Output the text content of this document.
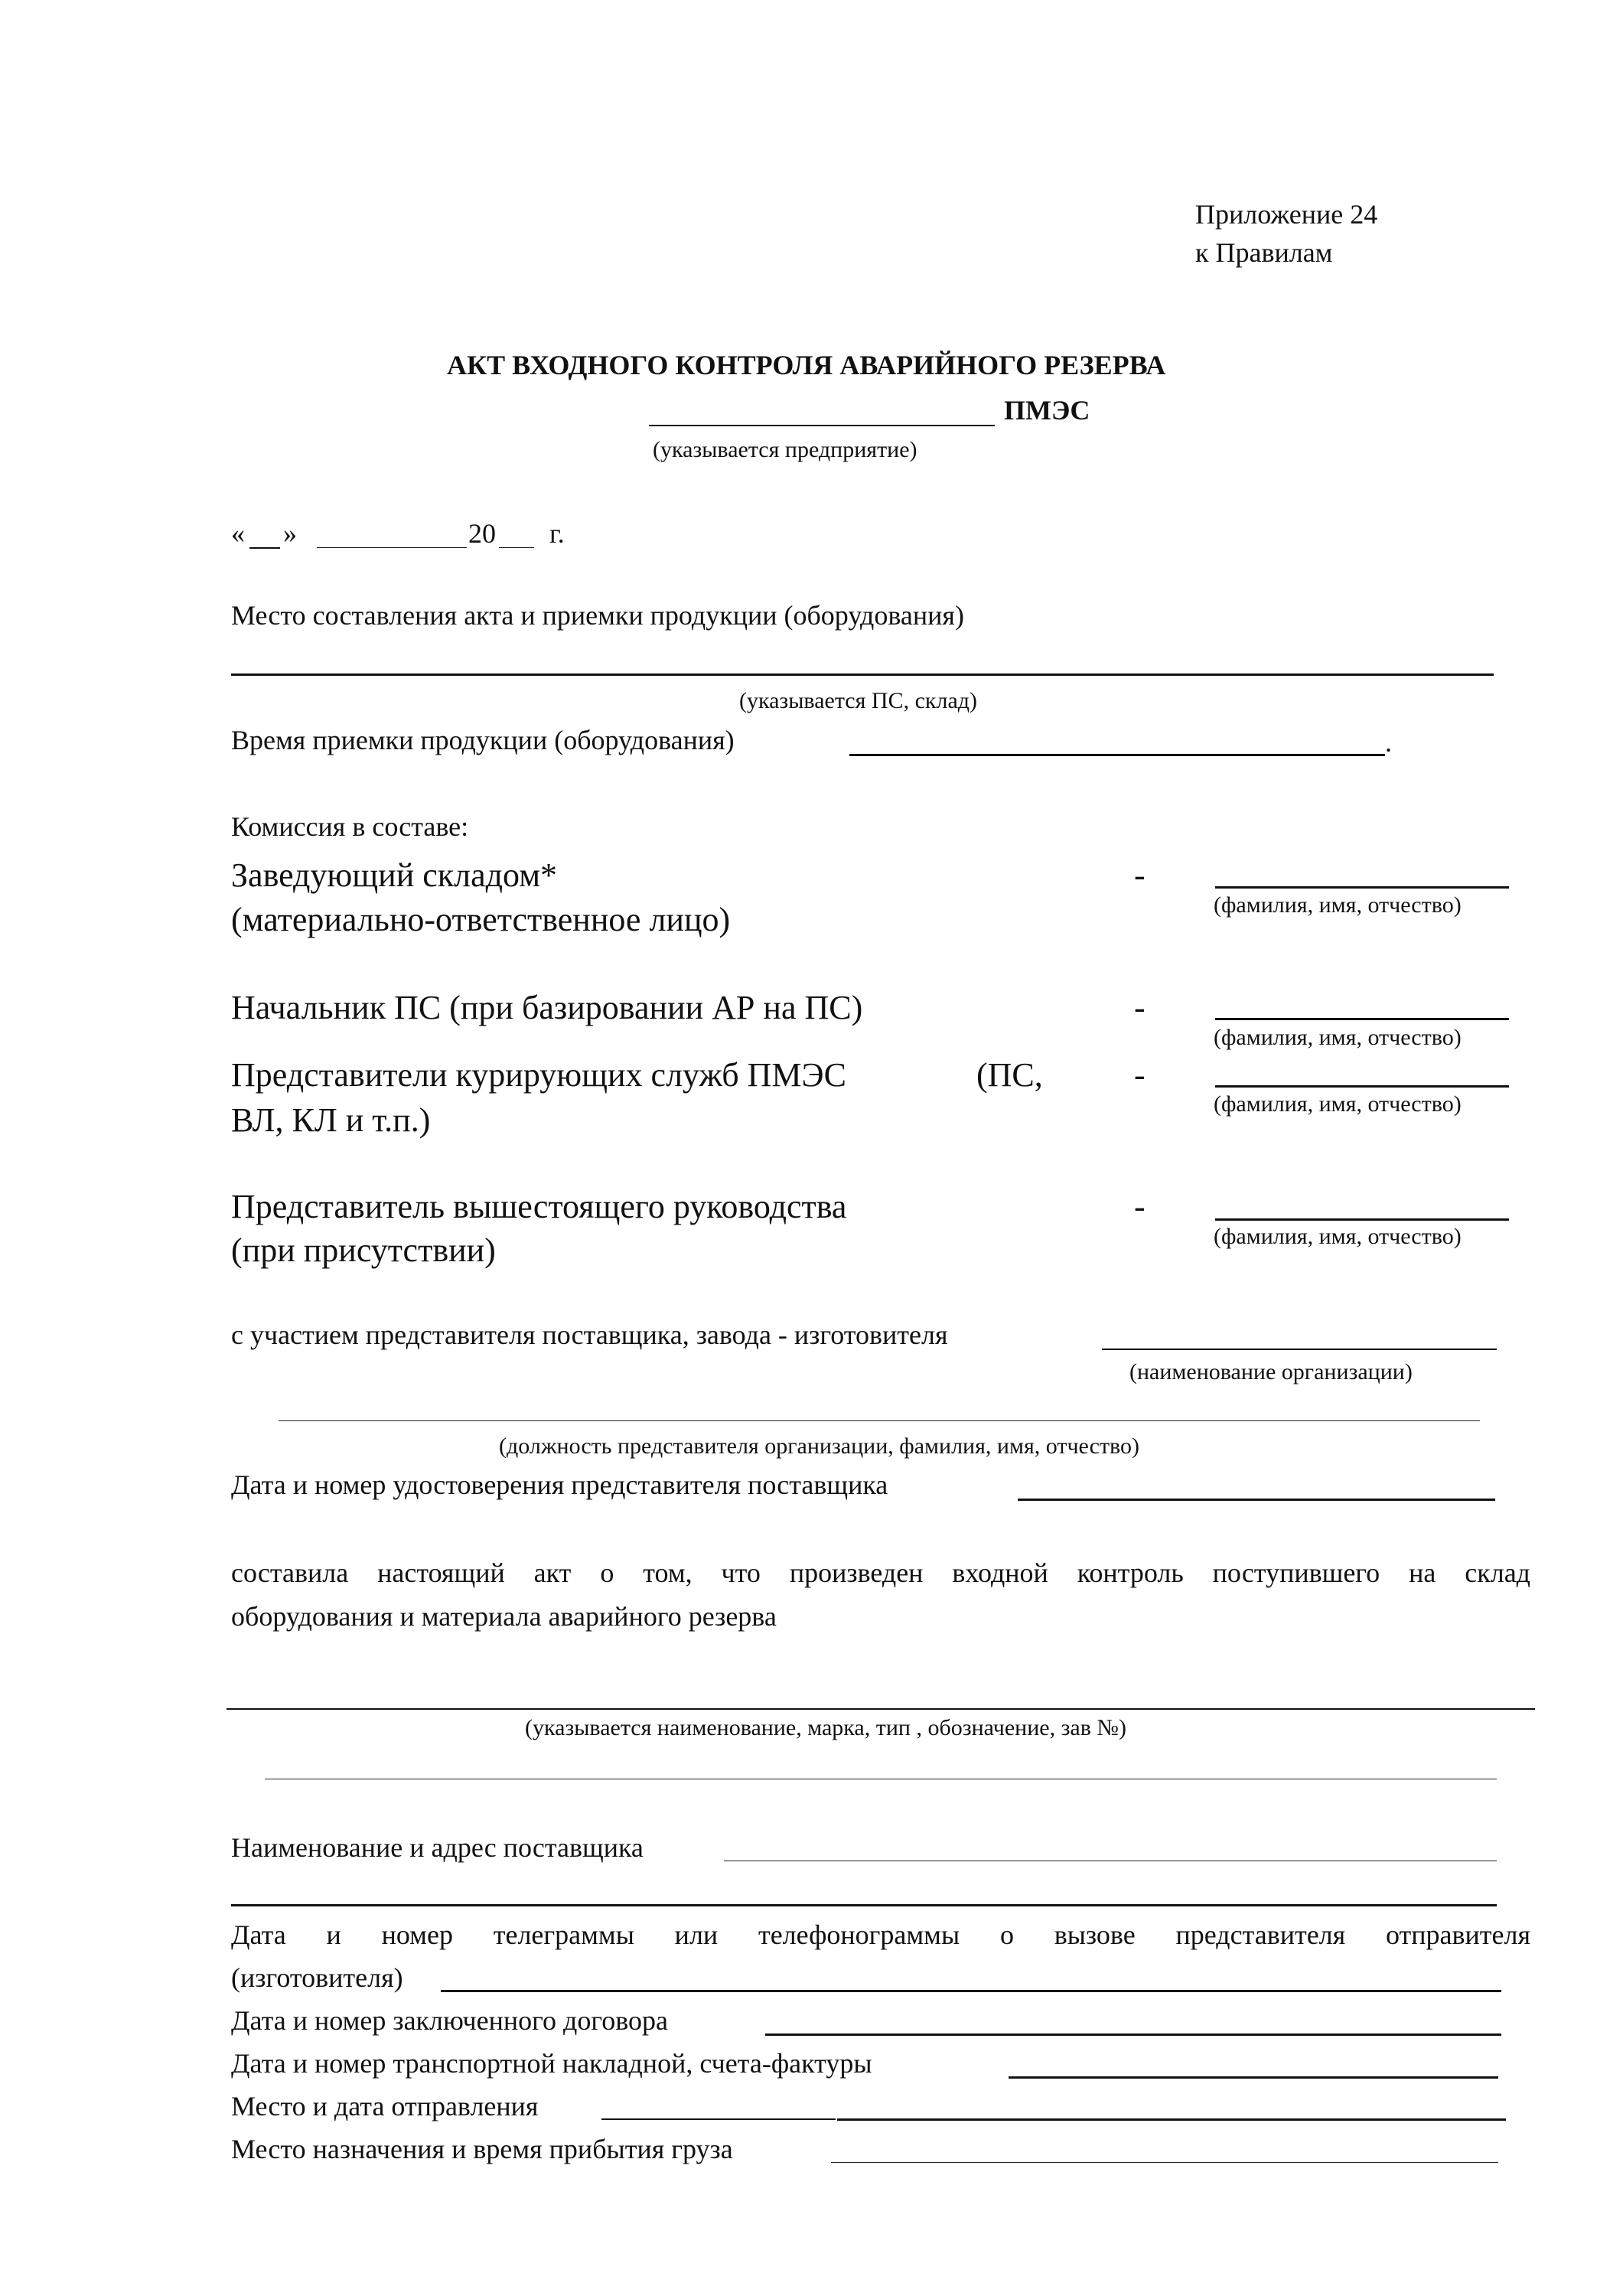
Приложение 24
к Правилам
АКТ ВХОДНОГО КОНТРОЛЯ АВАРИЙНОГО РЕЗЕРВА
ПМЭС
(указывается предприятие)
« »	20 г.
Место составления акта и приемки продукции (оборудования)
(указывается ПС, склад)
Время приемки продукции (оборудования)	.
Комиссия в составе:
Заведующий складом*
(материально-ответственное лицо)
-
(фамилия, имя, отчество)
Начальник ПС (при базировании АР на ПС)	-
(фамилия, имя, отчество)
Представители курирующих служб ПМЭС	(ПС,
ВЛ, КЛ и т.п.)
-
(фамилия, имя, отчество)
Представитель вышестоящего руководства
(при присутствии)
-
(фамилия, имя, отчество)
с участием представителя поставщика, завода - изготовителя
(наименование организации)
(должность представителя организации, фамилия, имя, отчество)
Дата и номер удостоверения представителя поставщика
составила настоящий акт о том, что произведен входной контроль поступившего на склад
оборудования и материала аварийного резерва
(указывается наименование, марка, тип , обозначение, зав №)
Наименование и адрес поставщика
Дата и номер телеграммы или телефонограммы о вызове представителя отправителя
(изготовителя)
Дата и номер заключенного договора
Дата и номер транспортной накладной, счета-фактуры
Место и дата отправления
Место назначения и время прибытия груза
